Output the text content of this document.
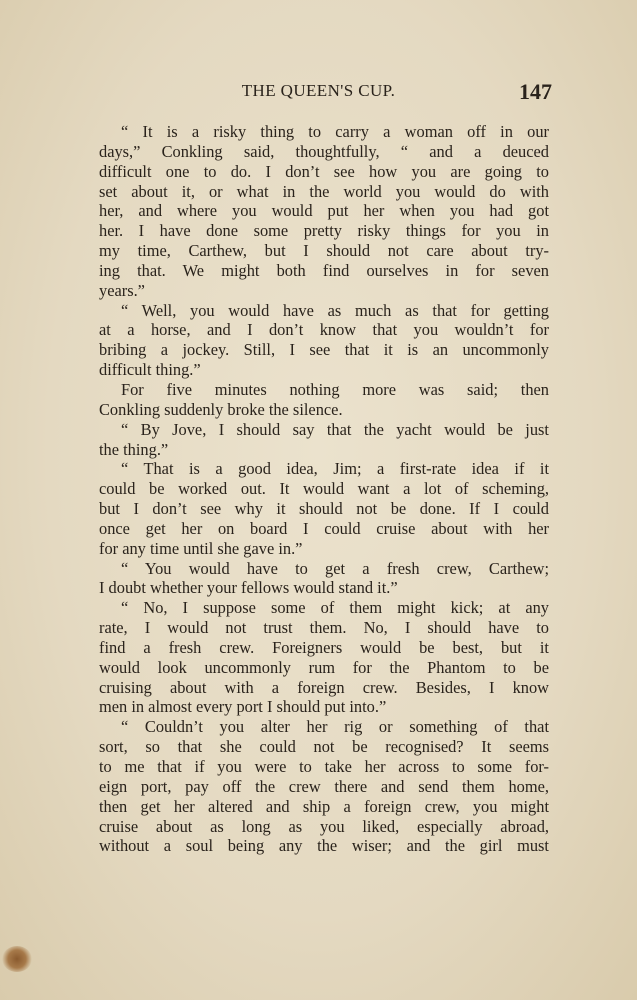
THE QUEEN'S CUP.	147
“ It is a risky thing to carry a woman off in our
days,” Conkling said, thoughtfully, “ and a deuced
difficult one to do. I don’t see how you are going to
set about it, or what in the world you would do with
her, and where you would put her when you had got
her. I have done some pretty risky things for you in
my time, Carthew, but I should not care about try-
ing that. We might both find ourselves in for seven
years.”
“ Well, you would have as much as that for getting
at a horse, and I don’t know that you wouldn’t for
bribing a jockey. Still, I see that it is an uncommonly
difficult thing.”
For five minutes nothing more was said; then
Conkling suddenly broke the silence.
“ By Jove, I should say that the yacht would be just
the thing.”
“ That is a good idea, Jim; a first-rate idea if it
could be worked out. It would want a lot of scheming,
but I don’t see why it should not be done. If I could
once get her on board I could cruise about with her
for any time until she gave in.”
“ You would have to get a fresh crew, Carthew;
I doubt whether your fellows would stand it.”
“ No, I suppose some of them might kick; at any
rate, I would not trust them. No, I should have to
find a fresh crew. Foreigners would be best, but it
would look uncommonly rum for the Phantom to be
cruising about with a foreign crew. Besides, I know
men in almost every port I should put into.”
“ Couldn’t you alter her rig or something of that
sort, so that she could not be recognised? It seems
to me that if you were to take her across to some for-
eign port, pay off the crew there and send them home,
then get her altered and ship a foreign crew, you might
cruise about as long as you liked, especially abroad,
without a soul being any the wiser; and the girl must
